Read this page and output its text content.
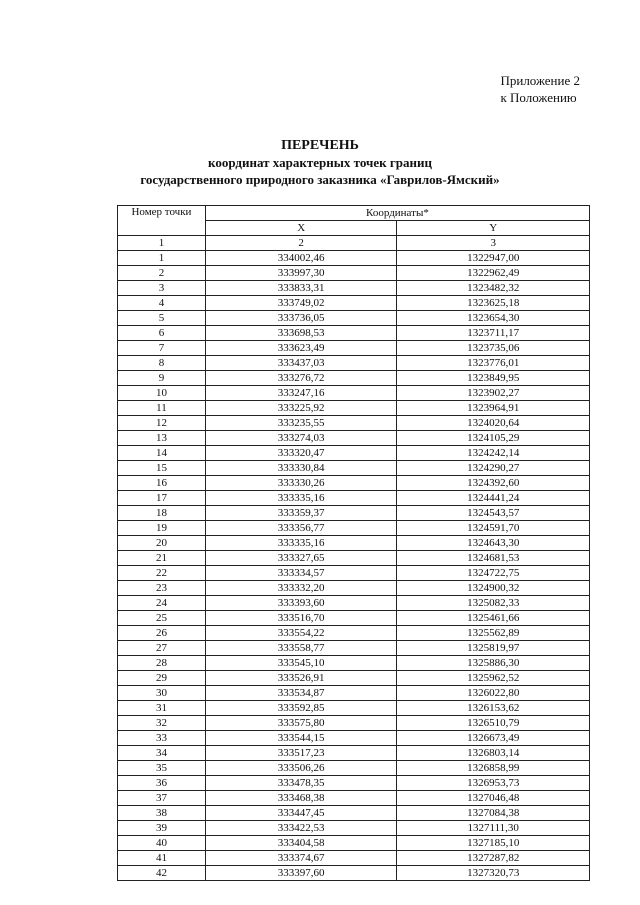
Приложение 2
к Положению
ПЕРЕЧЕНЬ
координат характерных точек границ
государственного природного заказника «Гаврилов-Ямский»
Номер точки	Координаты*	
	X	Y
1	2	3
1	334002,46	1322947,00
2	333997,30	1322962,49
3	333833,31	1323482,32
4	333749,02	1323625,18
5	333736,05	1323654,30
6	333698,53	1323711,17
7	333623,49	1323735,06
8	333437,03	1323776,01
9	333276,72	1323849,95
10	333247,16	1323902,27
11	333225,92	1323964,91
12	333235,55	1324020,64
13	333274,03	1324105,29
14	333320,47	1324242,14
15	333330,84	1324290,27
16	333330,26	1324392,60
17	333335,16	1324441,24
18	333359,37	1324543,57
19	333356,77	1324591,70
20	333335,16	1324643,30
21	333327,65	1324681,53
22	333334,57	1324722,75
23	333332,20	1324900,32
24	333393,60	1325082,33
25	333516,70	1325461,66
26	333554,22	1325562,89
27	333558,77	1325819,97
28	333545,10	1325886,30
29	333526,91	1325962,52
30	333534,87	1326022,80
31	333592,85	1326153,62
32	333575,80	1326510,79
33	333544,15	1326673,49
34	333517,23	1326803,14
35	333506,26	1326858,99
36	333478,35	1326953,73
37	333468,38	1327046,48
38	333447,45	1327084,38
39	333422,53	1327111,30
40	333404,58	1327185,10
41	333374,67	1327287,82
42	333397,60	1327320,73
